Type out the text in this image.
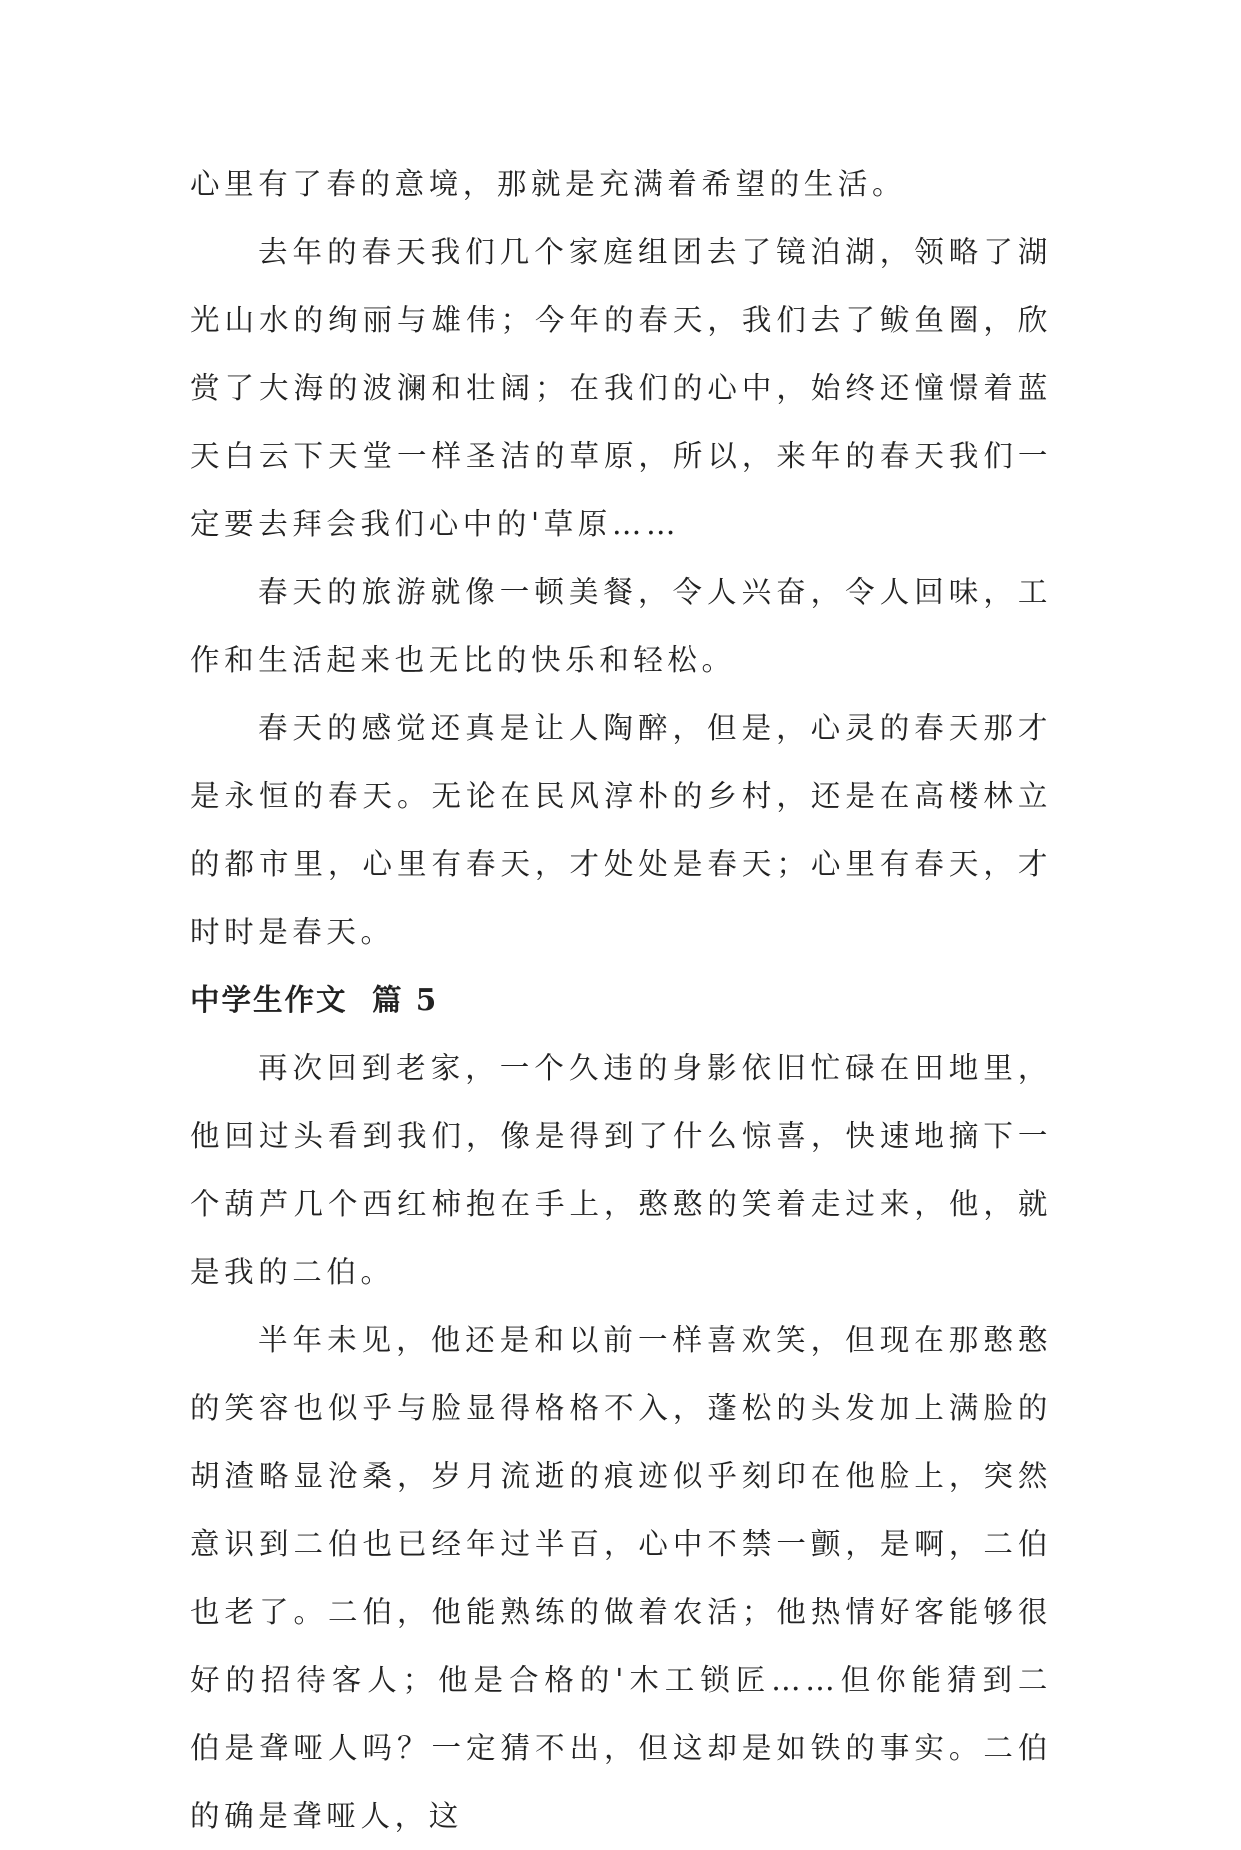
心里有了春的意境，那就是充满着希望的生活。

去年的春天我们几个家庭组团去了镜泊湖，领略了湖光山水的绚丽与雄伟；今年的春天，我们去了鲅鱼圈，欣赏了大海的波澜和壮阔；在我们的心中，始终还憧憬着蓝天白云下天堂一样圣洁的草原，所以，来年的春天我们一定要去拜会我们心中的'草原……

春天的旅游就像一顿美餐，令人兴奋，令人回味，工作和生活起来也无比的快乐和轻松。

春天的感觉还真是让人陶醉，但是，心灵的春天那才是永恒的春天。无论在民风淳朴的乡村，还是在高楼林立的都市里，心里有春天，才处处是春天；心里有春天，才时时是春天。

中学生作文  篇 5

再次回到老家，一个久违的身影依旧忙碌在田地里，他回过头看到我们，像是得到了什么惊喜，快速地摘下一个葫芦几个西红柿抱在手上，憨憨的笑着走过来，他，就是我的二伯。

半年未见，他还是和以前一样喜欢笑，但现在那憨憨的笑容也似乎与脸显得格格不入，蓬松的头发加上满脸的胡渣略显沧桑，岁月流逝的痕迹似乎刻印在他脸上，突然意识到二伯也已经年过半百，心中不禁一颤，是啊，二伯也老了。二伯，他能熟练的做着农活；他热情好客能够很好的招待客人；他是合格的'木工锁匠……但你能猜到二伯是聋哑人吗？一定猜不出，但这却是如铁的事实。二伯的确是聋哑人，这
